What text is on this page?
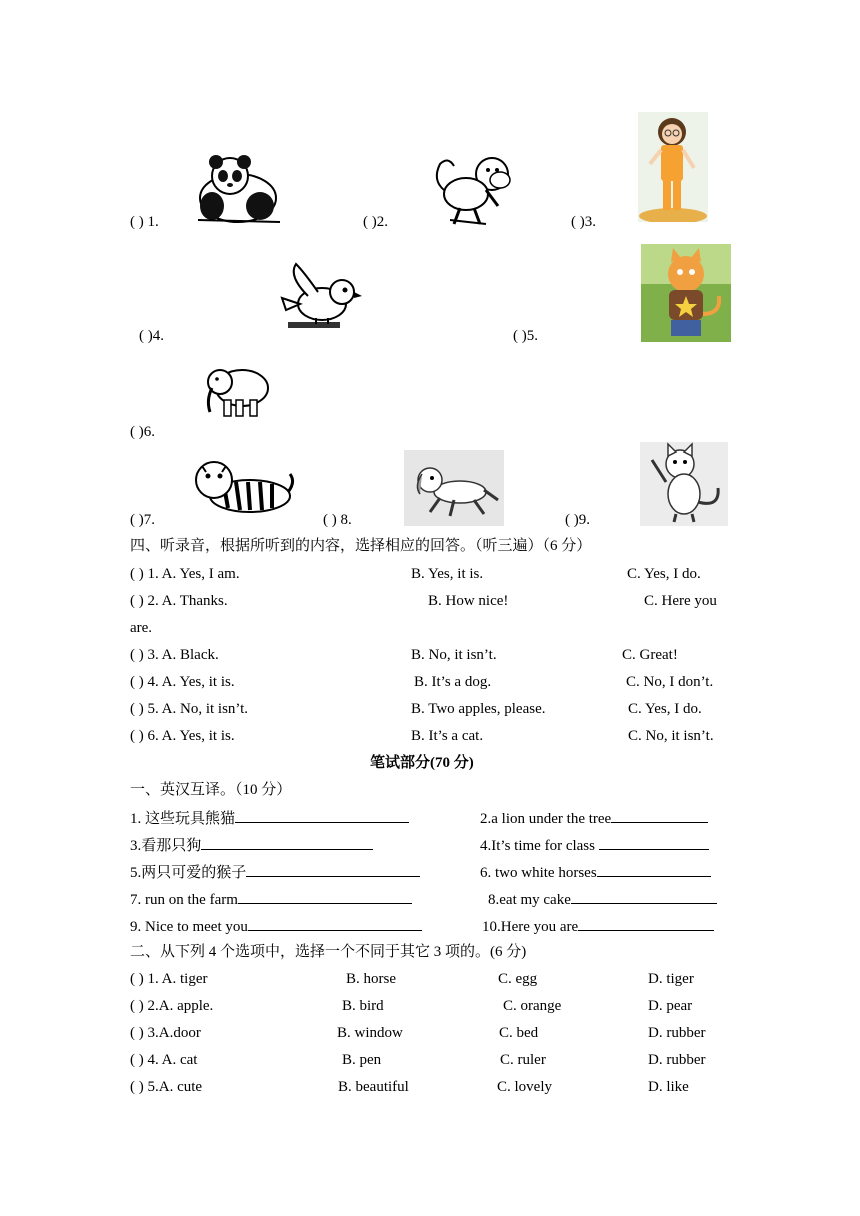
( ) 1.	( )2.	( )3.
( )4.	( )5.
( )6.
( )7.	( ) 8.	( )9.
四、听录音，根据所听到的内容，选择相应的回答。（听三遍）（6 分）
( ) 1. A. Yes, I am.	B. Yes, it is.	C. Yes, I do.
( ) 2. A. Thanks.	B. How nice!	C. Here you
are.
( ) 3. A. Black.	B. No, it isn’t.	C. Great!
( ) 4. A. Yes, it is.	B. It’s a dog.	C. No, I don’t.
( ) 5. A. No, it isn’t.	B. Two apples, please.	C. Yes, I do.
( ) 6. A. Yes, it is.	B. It’s a cat.	C. No, it isn’t.
笔试部分(70 分)
一、英汉互译。（10 分）
1. 这些玩具熊猫	2.a lion under the tree
3.看那只狗	4.It’s time for class
5.两只可爱的猴子	6. two white horses
7. run on the farm	8.eat my cake
9. Nice to meet you	10.Here you are
二、从下列 4 个选项中，选择一个不同于其它 3 项的。(6 分)
( ) 1. A. tiger	B. horse	C. egg	D. tiger
( ) 2.A. apple.	B. bird	C. orange	D. pear
( ) 3.A.door	B. window	C. bed	D. rubber
( ) 4. A. cat	B. pen	C. ruler	D. rubber
( ) 5.A. cute	B. beautiful	C. lovely	D. like
